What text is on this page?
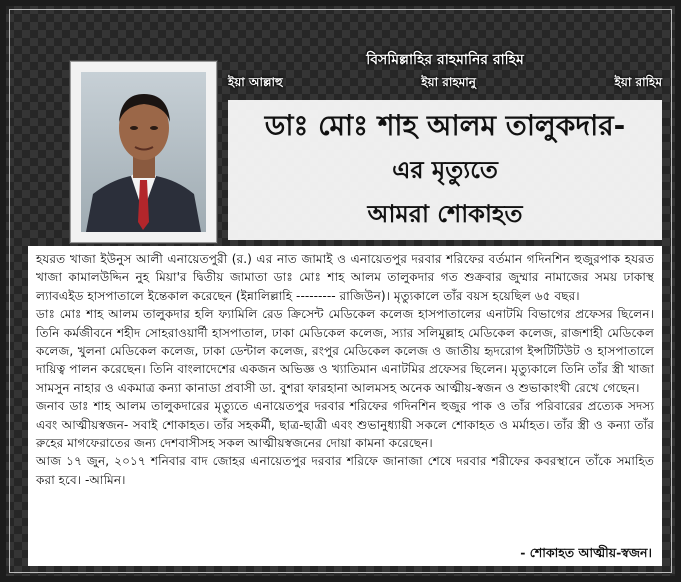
বিসমিল্লাহির রাহমানির রাহিম
ইয়া আল্লাহু	ইয়া রাহমানু	ইয়া রাহিম
ডাঃ মোঃ শাহ আলম তালুকদার-
এর মৃত্যুতে
আমরা শোকাহত

হযরত খাজা ইউনুস আলী এনায়েতপুরী (র.) এর নাত জামাই ও এনায়েতপুর দরবার শরিফের বর্তমান গদিনশিন হুজুরপাক হযরত খাজা কামালউদ্দিন নুহ মিয়া'র দ্বিতীয় জামাতা ডাঃ মোঃ শাহ আলম তালুকদার গত শুক্রবার জুম্মার নামাজের সময় ঢাকাস্থ ল্যাবএইড হাসপাতালে ইন্তেকাল করেছেন (ইন্নালিল্লাহি --------- রাজিউন)। মৃত্যুকালে তাঁর বয়স হয়েছিল ৬৫ বছর।

ডাঃ মোঃ শাহ আলম তালুকদার হলি ফ্যামিলি রেড ক্রিসেন্ট মেডিকেল কলেজ হাসপাতালের এনাটমি বিভাগের প্রফেসর ছিলেন। তিনি কর্মজীবনে শহীদ সোহরাওয়ার্দী হাসপাতাল, ঢাকা মেডিকেল কলেজ, স্যার সলিমুল্লাহ মেডিকেল কলেজ, রাজশাহী মেডিকেল কলেজ, খুলনা মেডিকেল কলেজ, ঢাকা ডেন্টাল কলেজ, রংপুর মেডিকেল কলেজ ও জাতীয় হৃদরোগ ইন্সটিটিউট ও হাসপাতালে দায়িত্ব পালন করেছেন। তিনি বাংলাদেশের একজন অভিজ্ঞ ও খ্যাতিমান এনাটমির প্রফেসর ছিলেন। মৃত্যুকালে তিনি তাঁর স্ত্রী খাজা সামসুন নাহার ও একমাত্র কন্যা কানাডা প্রবাসী ডা. বুশরা ফারহানা আলমসহ অনেক আত্মীয়-স্বজন ও শুভাকাংখী রেখে গেছেন।

জনাব ডাঃ শাহ আলম তালুকদারের মৃত্যুতে এনায়েতপুর দরবার শরিফের গদিনশিন হুজুর পাক ও তাঁর পরিবারের প্রত্যেক সদস্য এবং আত্মীয়স্বজন- সবাই শোকাহত। তাঁর সহকর্মী, ছাত্র-ছাত্রী এবং শুভানুধ্যায়ী সকলে শোকাহত ও মর্মাহত। তাঁর স্ত্রী ও কন্যা তাঁর রুহের মাগফেরাতের জন্য দেশবাসীসহ সকল আত্মীয়স্বজনের দোয়া কামনা করেছেন।

আজ ১৭ জুন, ২০১৭ শনিবার বাদ জোহর এনায়েতপুর দরবার শরিফে জানাজা শেষে দরবার শরীফের কবরস্থানে তাঁকে সমাহিত করা হবে। -আমিন।

- শোকাহত আত্মীয়-স্বজন।
